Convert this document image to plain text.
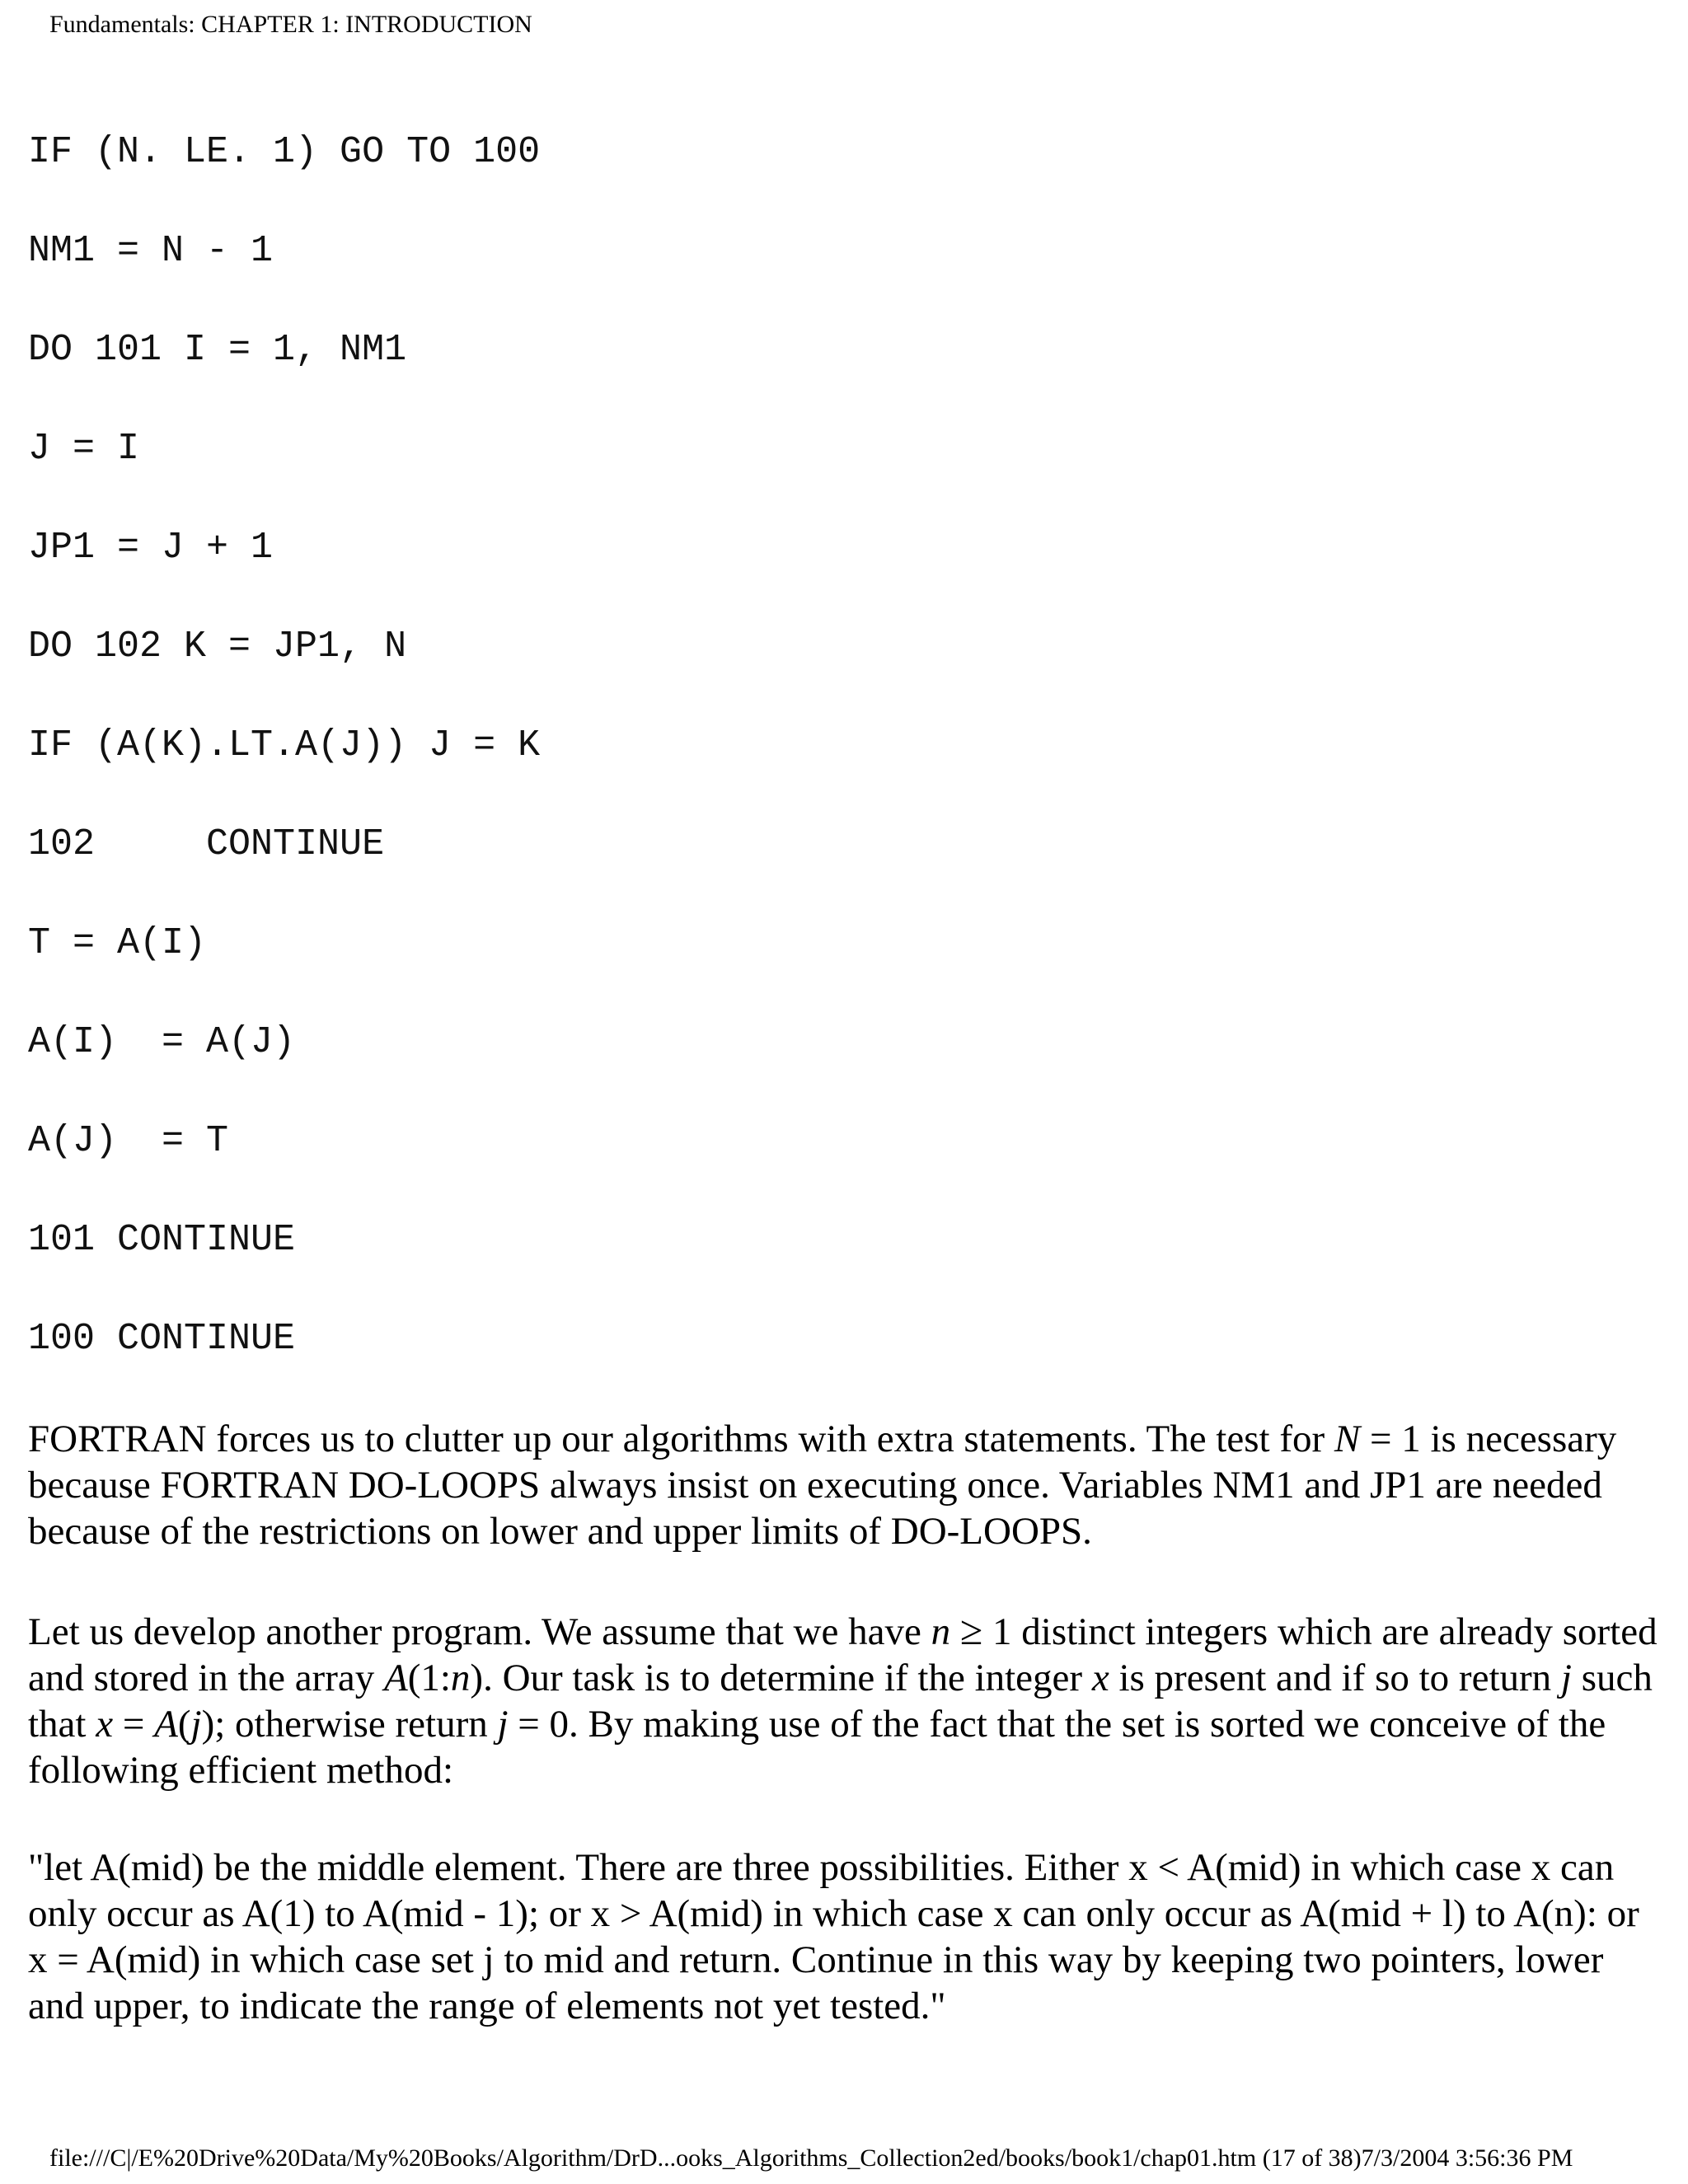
Fundamentals: CHAPTER 1: INTRODUCTION
IF (N. LE. 1) GO TO 100
NM1 = N - 1
DO 101 I = 1, NM1
J = I
JP1 = J + 1
DO 102 K = JP1, N
IF (A(K).LT.A(J)) J = K
102     CONTINUE
T = A(I)
A(I)  = A(J)
A(J)  = T
101 CONTINUE
100 CONTINUE

FORTRAN forces us to clutter up our algorithms with extra statements. The test for N = 1 is necessary because FORTRAN DO-LOOPS always insist on executing once. Variables NM1 and JP1 are needed because of the restrictions on lower and upper limits of DO-LOOPS.

Let us develop another program. We assume that we have n ≥ 1 distinct integers which are already sorted and stored in the array A(1:n). Our task is to determine if the integer x is present and if so to return j such that x = A(j); otherwise return j = 0. By making use of the fact that the set is sorted we conceive of the following efficient method:

"let A(mid) be the middle element. There are three possibilities. Either x < A(mid) in which case x can only occur as A(1) to A(mid - 1); or x > A(mid) in which case x can only occur as A(mid + l) to A(n): or x = A(mid) in which case set j to mid and return. Continue in this way by keeping two pointers, lower and upper, to indicate the range of elements not yet tested."

file:///C|/E%20Drive%20Data/My%20Books/Algorithm/DrD...ooks_Algorithms_Collection2ed/books/book1/chap01.htm (17 of 38)7/3/2004 3:56:36 PM
